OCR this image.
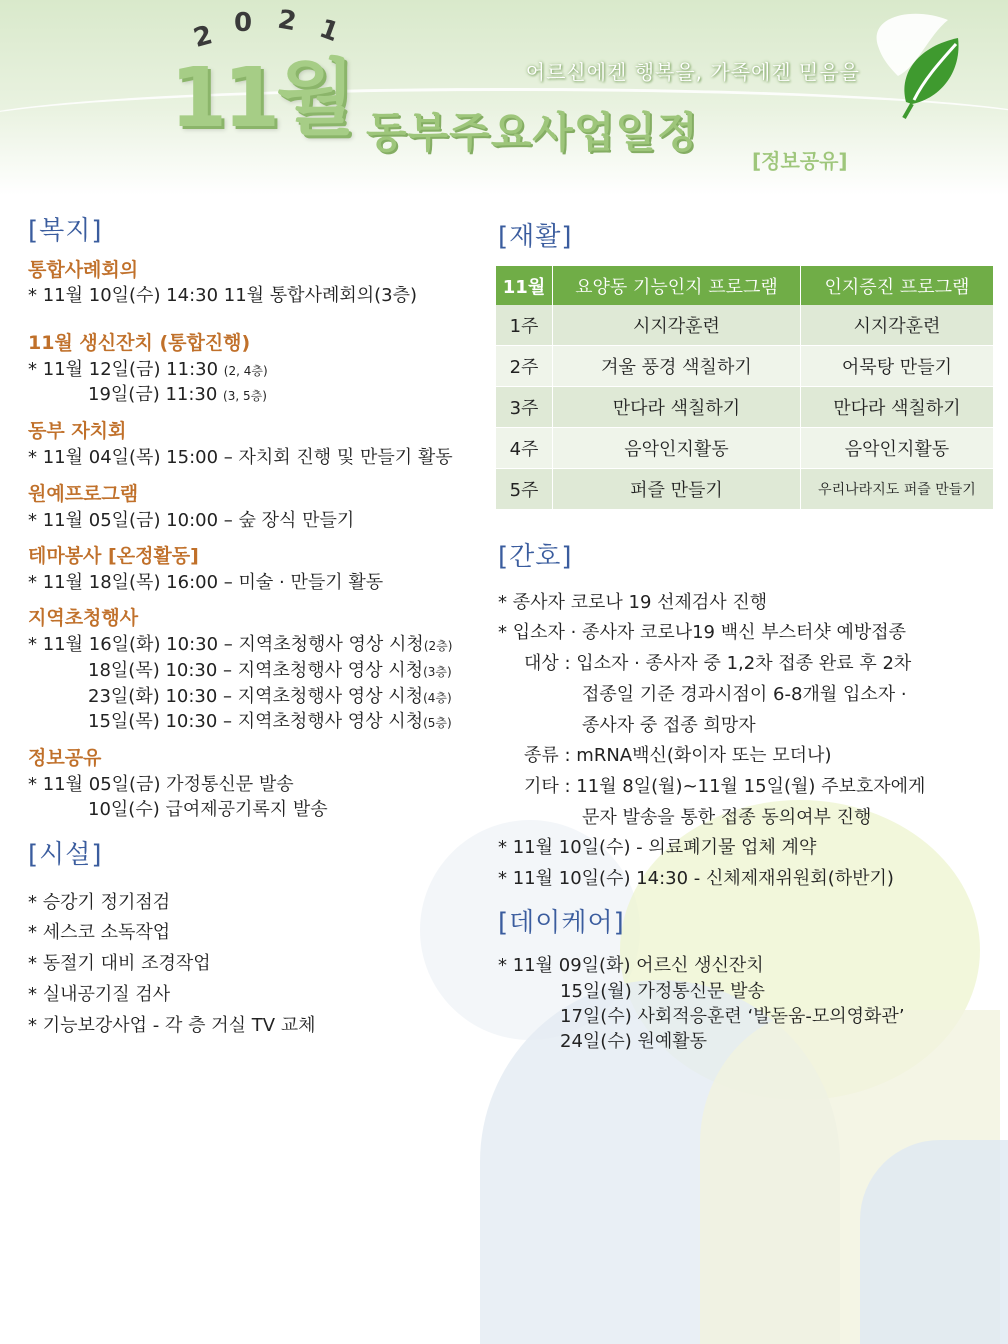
2 0 2 1
어르신에겐 행복을, 가족에겐 믿음을
11월 동부주요사업일정
[정보공유]
[복지]
통합사례회의
* 11월 10일(수) 14:30 11월 통합사례회의(3층)
11월 생신잔치 (통합진행)
* 11월 12일(금) 11:30 (2, 4층)
19일(금) 11:30 (3, 5층)
동부 자치회
* 11월 04일(목) 15:00 – 자치회 진행 및 만들기 활동
원예프로그램
* 11월 05일(금) 10:00 – 숲 장식 만들기
테마봉사 [온정활동]
* 11월 18일(목) 16:00 – 미술 · 만들기 활동
지역초청행사
* 11월 16일(화) 10:30 – 지역초청행사 영상 시청(2층)
18일(목) 10:30 – 지역초청행사 영상 시청(3층)
23일(화) 10:30 – 지역초청행사 영상 시청(4층)
15일(목) 10:30 – 지역초청행사 영상 시청(5층)
정보공유
* 11월 05일(금) 가정통신문 발송
10일(수) 급여제공기록지 발송
[시설]
* 승강기 정기점검
* 세스코 소독작업
* 동절기 대비 조경작업
* 실내공기질 검사
* 기능보강사업 - 각 층 거실 TV 교체
[재활]
11월	요양동 기능인지 프로그램	인지증진 프로그램
1주	시지각훈련	시지각훈련
2주	겨울 풍경 색칠하기	어묵탕 만들기
3주	만다라 색칠하기	만다라 색칠하기
4주	음악인지활동	음악인지활동
5주	퍼즐 만들기	우리나라지도 퍼즐 만들기
[간호]
* 종사자 코로나 19 선제검사 진행
* 입소자 · 종사자 코로나19 백신 부스터샷 예방접종
대상 : 입소자 · 종사자 중 1,2차 접종 완료 후 2차
접종일 기준 경과시점이 6-8개월 입소자 ·
종사자 중 접종 희망자
종류 : mRNA백신(화이자 또는 모더나)
기타 : 11월 8일(월)~11월 15일(월) 주보호자에게
문자 발송을 통한 접종 동의여부 진행
* 11월 10일(수) - 의료폐기물 업체 계약
* 11월 10일(수) 14:30 - 신체제재위원회(하반기)
[데이케어]
* 11월 09일(화) 어르신 생신잔치
15일(월) 가정통신문 발송
17일(수) 사회적응훈련 ‘발돋움-모의영화관’
24일(수) 원예활동
